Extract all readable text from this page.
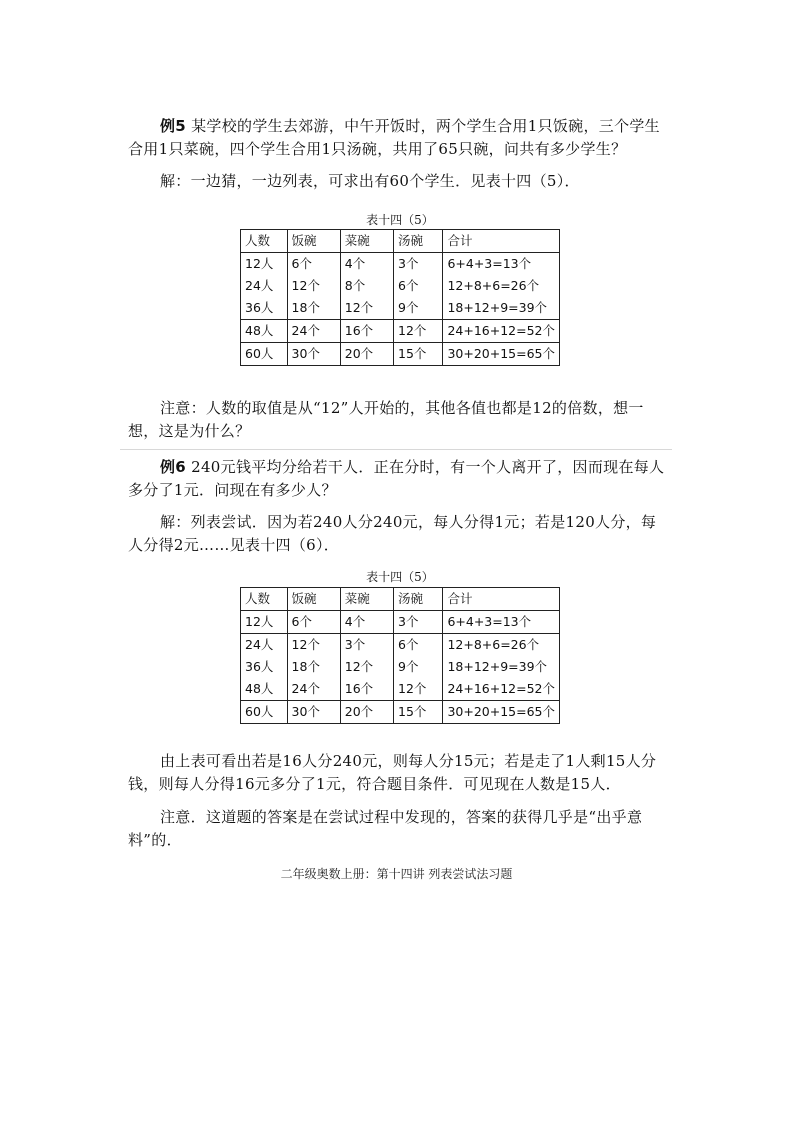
例5 某学校的学生去郊游，中午开饭时，两个学生合用1只饭碗，三个学生合用1只菜碗，四个学生合用1只汤碗，共用了65只碗，问共有多少学生？

解：一边猜，一边列表，可求出有60个学生．见表十四（5）．

表十四（5）
人数	饭碗	菜碗	汤碗	合计
12人	6个	4个	3个	6+4+3=13个
24人	12个	8个	6个	12+8+6=26个
36人	18个	12个	9个	18+12+9=39个
48人	24个	16个	12个	24+16+12=52个
60人	30个	20个	15个	30+20+15=65个

注意：人数的取值是从“12”人开始的，其他各值也都是12的倍数，想一想，这是为什么？

例6 240元钱平均分给若干人．正在分时，有一个人离开了，因而现在每人多分了1元．问现在有多少人？

解：列表尝试．因为若240人分240元，每人分得1元；若是120人分，每人分得2元……见表十四（6）．

表十四（5）
人数	饭碗	菜碗	汤碗	合计
12人	6个	4个	3个	6+4+3=13个
24人	12个	3个	6个	12+8+6=26个
36人	18个	12个	9个	18+12+9=39个
48人	24个	16个	12个	24+16+12=52个
60人	30个	20个	15个	30+20+15=65个

由上表可看出若是16人分240元，则每人分15元；若是走了1人剩15人分钱，则每人分得16元多分了1元，符合题目条件．可见现在人数是15人．

注意．这道题的答案是在尝试过程中发现的，答案的获得几乎是“出乎意料”的．

二年级奥数上册：第十四讲 列表尝试法习题
